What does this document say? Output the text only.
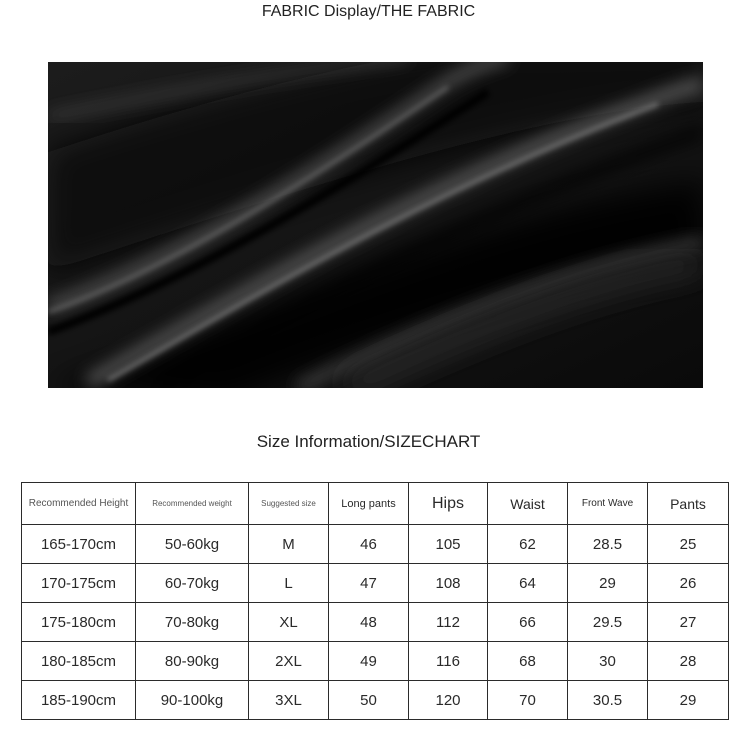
FABRIC Display/THE FABRIC
Size Information/SIZECHART
Recommended Height	Recommended weight	Suggested size	Long pants	Hips	Waist	Front Wave	Pants
165-170cm	50-60kg	M	46	105	62	28.5	25
170-175cm	60-70kg	L	47	108	64	29	26
175-180cm	70-80kg	XL	48	112	66	29.5	27
180-185cm	80-90kg	2XL	49	116	68	30	28
185-190cm	90-100kg	3XL	50	120	70	30.5	29
